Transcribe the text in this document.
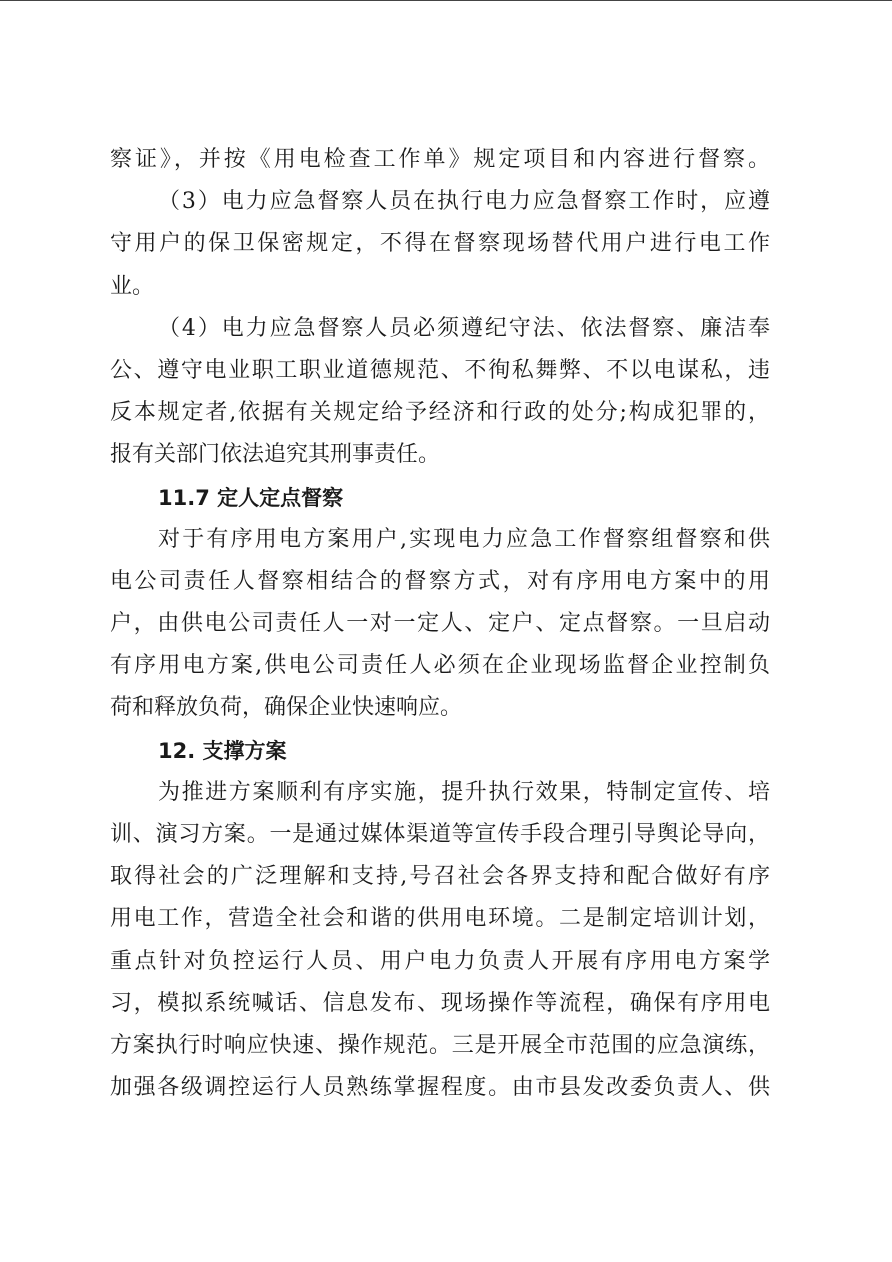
察证》，并按《用电检查工作单》规定项目和内容进行督察。
（3）电力应急督察人员在执行电力应急督察工作时，应遵
守用户的保卫保密规定，不得在督察现场替代用户进行电工作
业。
（4）电力应急督察人员必须遵纪守法、依法督察、廉洁奉
公、遵守电业职工职业道德规范、不徇私舞弊、不以电谋私，违
反本规定者,依据有关规定给予经济和行政的处分;构成犯罪的，
报有关部门依法追究其刑事责任。
11.7 定人定点督察
对于有序用电方案用户,实现电力应急工作督察组督察和供
电公司责任人督察相结合的督察方式，对有序用电方案中的用
户，由供电公司责任人一对一定人、定户、定点督察。一旦启动
有序用电方案,供电公司责任人必须在企业现场监督企业控制负
荷和释放负荷，确保企业快速响应。
12. 支撑方案
为推进方案顺利有序实施，提升执行效果，特制定宣传、培
训、演习方案。一是通过媒体渠道等宣传手段合理引导舆论导向，
取得社会的广泛理解和支持,号召社会各界支持和配合做好有序
用电工作，营造全社会和谐的供用电环境。二是制定培训计划，
重点针对负控运行人员、用户电力负责人开展有序用电方案学
习，模拟系统喊话、信息发布、现场操作等流程，确保有序用电
方案执行时响应快速、操作规范。三是开展全市范围的应急演练，
加强各级调控运行人员熟练掌握程度。由市县发改委负责人、供
